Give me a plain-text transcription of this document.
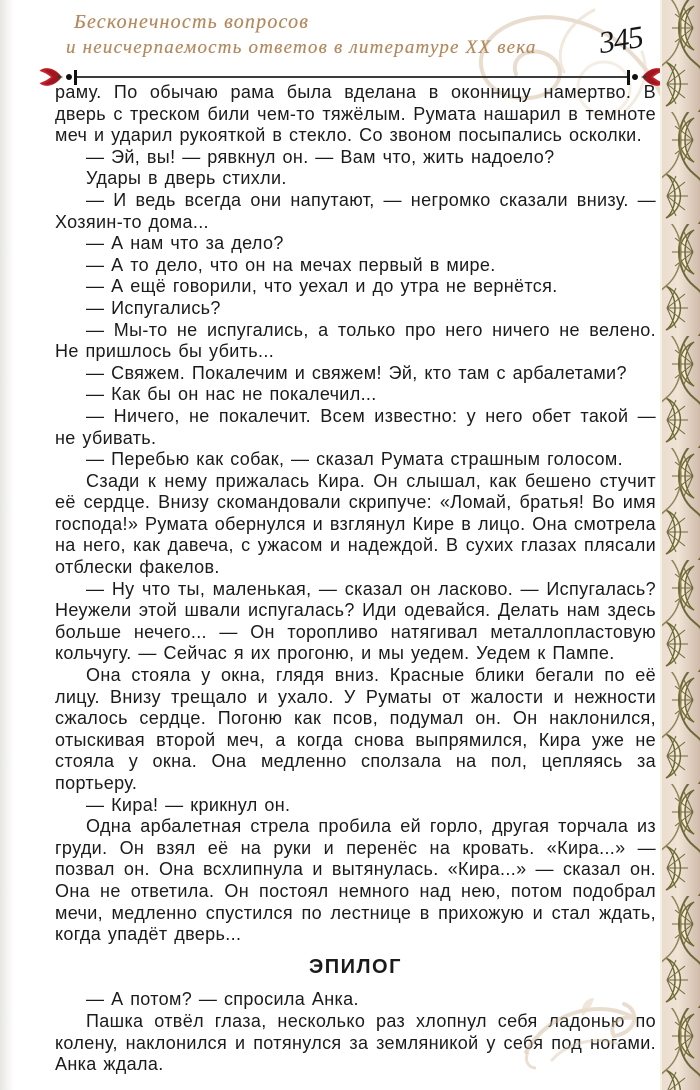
Бесконечность вопросов
и неисчерпаемость ответов в литературе XX века	345

раму. По обычаю рама была вделана в оконницу намертво. В дверь с треском били чем-то тяжёлым. Румата нашарил в темноте меч и ударил рукояткой в стекло. Со звоном посыпались осколки.

— Эй, вы! — рявкнул он. — Вам что, жить надоело?

Удары в дверь стихли.

— И ведь всегда они напутают, — негромко сказали внизу. — Хозяин-то дома...

— А нам что за дело?

— А то дело, что он на мечах первый в мире.

— А ещё говорили, что уехал и до утра не вернётся.

— Испугались?

— Мы-то не испугались, а только про него ничего не велено. Не пришлось бы убить...

— Свяжем. Покалечим и свяжем! Эй, кто там с арбалетами?

— Как бы он нас не покалечил...

— Ничего, не покалечит. Всем известно: у него обет такой — не убивать.

— Перебью как собак, — сказал Румата страшным голосом.

Сзади к нему прижалась Кира. Он слышал, как бешено стучит её сердце. Внизу скомандовали скрипуче: «Ломай, братья! Во имя господа!» Румата обернулся и взглянул Кире в лицо. Она смотрела на него, как давеча, с ужасом и надеждой. В сухих глазах плясали отблески факелов.

— Ну что ты, маленькая, — сказал он ласково. — Испугалась? Неужели этой швали испугалась? Иди одевайся. Делать нам здесь больше нечего... — Он торопливо натягивал металлопластовую кольчугу. — Сейчас я их прогоню, и мы уедем. Уедем к Пампе.

Она стояла у окна, глядя вниз. Красные блики бегали по её лицу. Внизу трещало и ухало. У Руматы от жалости и нежности сжалось сердце. Погоню как псов, подумал он. Он наклонился, отыскивая второй меч, а когда снова выпрямился, Кира уже не стояла у окна. Она медленно сползала на пол, цепляясь за портьеру.

— Кира! — крикнул он.

Одна арбалетная стрела пробила ей горло, другая торчала из груди. Он взял её на руки и перенёс на кровать. «Кира...» — позвал он. Она всхлипнула и вытянулась. «Кира...» — сказал он. Она не ответила. Он постоял немного над нею, потом подобрал мечи, медленно спустился по лестнице в прихожую и стал ждать, когда упадёт дверь...

ЭПИЛОГ

— А потом? — спросила Анка.

Пашка отвёл глаза, несколько раз хлопнул себя ладонью по колену, наклонился и потянулся за земляникой у себя под ногами. Анка ждала.
